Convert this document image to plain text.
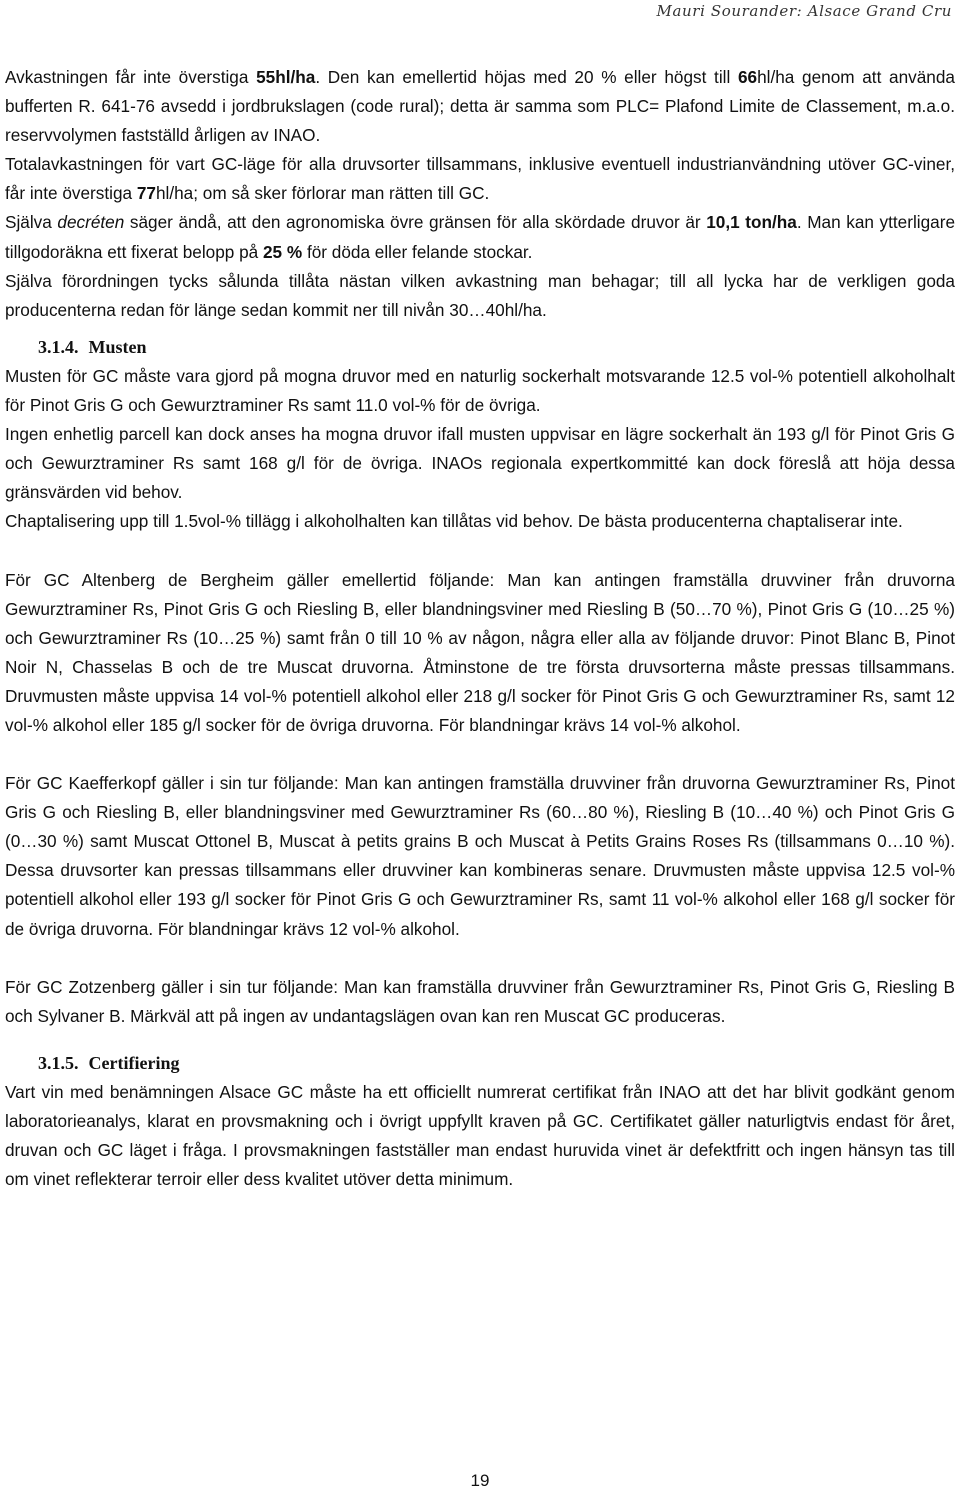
Mauri Sourander: Alsace Grand Cru

Avkastningen får inte överstiga 55hl/ha. Den kan emellertid höjas med 20 % eller högst till 66hl/ha genom att använda bufferten R. 641-76 avsedd i jordbrukslagen (code rural); detta är samma som PLC= Plafond Limite de Classement, m.a.o. reservvolymen fastställd årligen av INAO.

Totalavkastningen för vart GC-läge för alla druvsorter tillsammans, inklusive eventuell industrianvändning utöver GC-viner, får inte överstiga 77hl/ha; om så sker förlorar man rätten till GC.

Själva decréten säger ändå, att den agronomiska övre gränsen för alla skördade druvor är 10,1 ton/ha. Man kan ytterligare tillgodoräkna ett fixerat belopp på 25 % för döda eller felande stockar.

Själva förordningen tycks sålunda tillåta nästan vilken avkastning man behagar; till all lycka har de verkligen goda producenterna redan för länge sedan kommit ner till nivån 30…40hl/ha.

3.1.4. Musten

Musten för GC måste vara gjord på mogna druvor med en naturlig sockerhalt motsvarande 12.5 vol-% potentiell alkoholhalt för Pinot Gris G och Gewurztraminer Rs samt 11.0 vol-% för de övriga.

Ingen enhetlig parcell kan dock anses ha mogna druvor ifall musten uppvisar en lägre sockerhalt än 193 g/l för Pinot Gris G och Gewurztraminer Rs samt 168 g/l för de övriga. INAOs regionala expertkommitté kan dock föreslå att höja dessa gränsvärden vid behov.

Chaptalisering upp till 1.5vol-% tillägg i alkoholhalten kan tillåtas vid behov. De bästa producenterna chaptaliserar inte.

För GC Altenberg de Bergheim gäller emellertid följande: Man kan antingen framställa druvviner från druvorna Gewurztraminer Rs, Pinot Gris G och Riesling B, eller blandningsviner med Riesling B (50…70 %), Pinot Gris G (10…25 %) och Gewurztraminer Rs (10…25 %) samt från 0 till 10 % av någon, några eller alla av följande druvor: Pinot Blanc B, Pinot Noir N, Chasselas B och de tre Muscat druvorna. Åtminstone de tre första druvsorterna måste pressas tillsammans. Druvmusten måste uppvisa 14 vol-% potentiell alkohol eller 218 g/l socker för Pinot Gris G och Gewurztraminer Rs, samt 12 vol-% alkohol eller 185 g/l socker för de övriga druvorna. För blandningar krävs 14 vol-% alkohol.

För GC Kaefferkopf gäller i sin tur följande: Man kan antingen framställa druvviner från druvorna Gewurztraminer Rs, Pinot Gris G och Riesling B, eller blandningsviner med Gewurztraminer Rs (60…80 %), Riesling B (10…40 %) och Pinot Gris G (0…30 %) samt Muscat Ottonel B, Muscat à petits grains B och Muscat à Petits Grains Roses Rs (tillsammans 0…10 %). Dessa druvsorter kan pressas tillsammans eller druvviner kan kombineras senare. Druvmusten måste uppvisa 12.5 vol-% potentiell alkohol eller 193 g/l socker för Pinot Gris G och Gewurztraminer Rs, samt 11 vol-% alkohol eller 168 g/l socker för de övriga druvorna. För blandningar krävs 12 vol-% alkohol.

För GC Zotzenberg gäller i sin tur följande: Man kan framställa druvviner från Gewurztraminer Rs, Pinot Gris G, Riesling B och Sylvaner B. Märkväl att på ingen av undantagslägen ovan kan ren Muscat GC produceras.

3.1.5. Certifiering

Vart vin med benämningen Alsace GC måste ha ett officiellt numrerat certifikat från INAO att det har blivit godkänt genom laboratorieanalys, klarat en provsmakning och i övrigt uppfyllt kraven på GC. Certifikatet gäller naturligtvis endast för året, druvan och GC läget i fråga. I provsmakningen fastställer man endast huruvida vinet är defektfritt och ingen hänsyn tas till om vinet reflekterar terroir eller dess kvalitet utöver detta minimum.

19
